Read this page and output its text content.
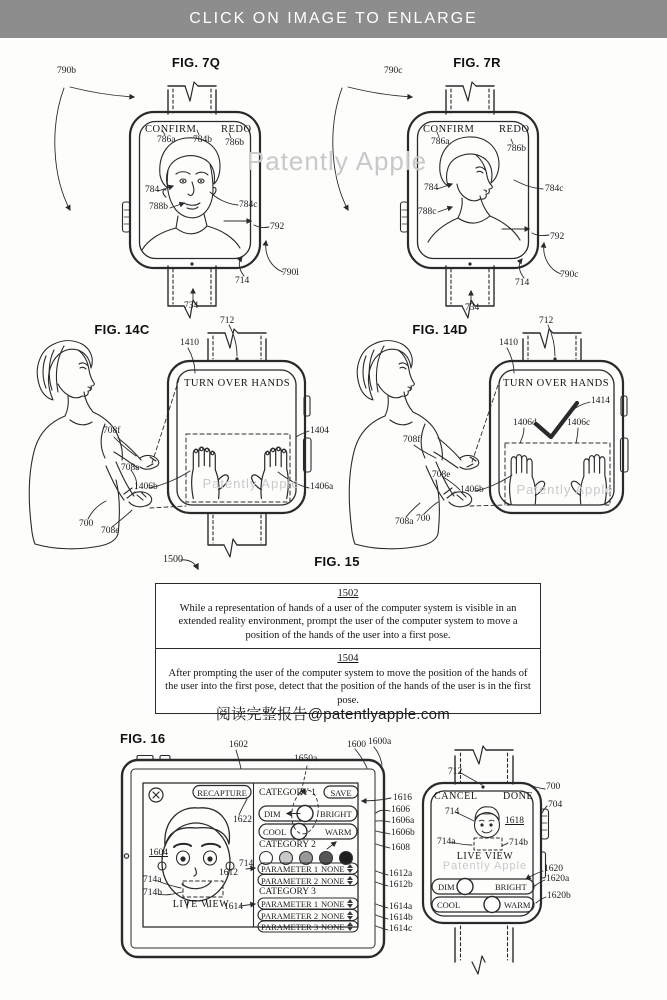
CLICK ON IMAGE TO ENLARGE
Patently Apple
FIG. 7Q
790b
CONFIRM REDO
786a 784b 786b
784
788b	784c
792
714
790l
734
FIG. 7R
790c
CONFIRM REDO
786a
786b
784
788c
784c
792
714
790c
734
FIG. 14C
712
1410
TURN OVER HANDS
1404
1406b	1406a
Patently Apple
708f
708a
700
708e
FIG. 14D
712
1410
TURN OVER HANDS
1414
1406d	1406c
1406b	Patently Apple
708f
708e
708a 700
1500	FIG. 15
1502
While a representation of hands of a user of the computer system is visible in an extended reality environment, prompt the user of the computer system to move a position of the hands of the user into a first pose.
1504
After prompting the user of the computer system to move the position of the hands of the user into the first pose, detect that the position of the hands of the user is in the first pose.
阅读完整报告@patentlyapple.com
FIG. 16	1602
1650a
1600 1600a
1616
1606
1606a
1606b
1608
1612a
1612b
1614a
1614b
1614c
RECAPTURE
1622
CATEGORY 1 SAVE
DIM	BRIGHT
COOL	WARM
CATEGORY 2
PARAMETER 1 NONE
PARAMETER 2 NONE
CATEGORY 3
PARAMETER 1 NONE
PARAMETER 2 NONE
PARAMETER 3 NONE
1604
714a
714b
1612
714
1614
LIVE VIEW
712
700
704
CANCEL	DONE
714
1618
714a	714b
LIVE VIEW
Patently Apple
DIM	BRIGHT
COOL	WARM
1620
1620a
1620b
